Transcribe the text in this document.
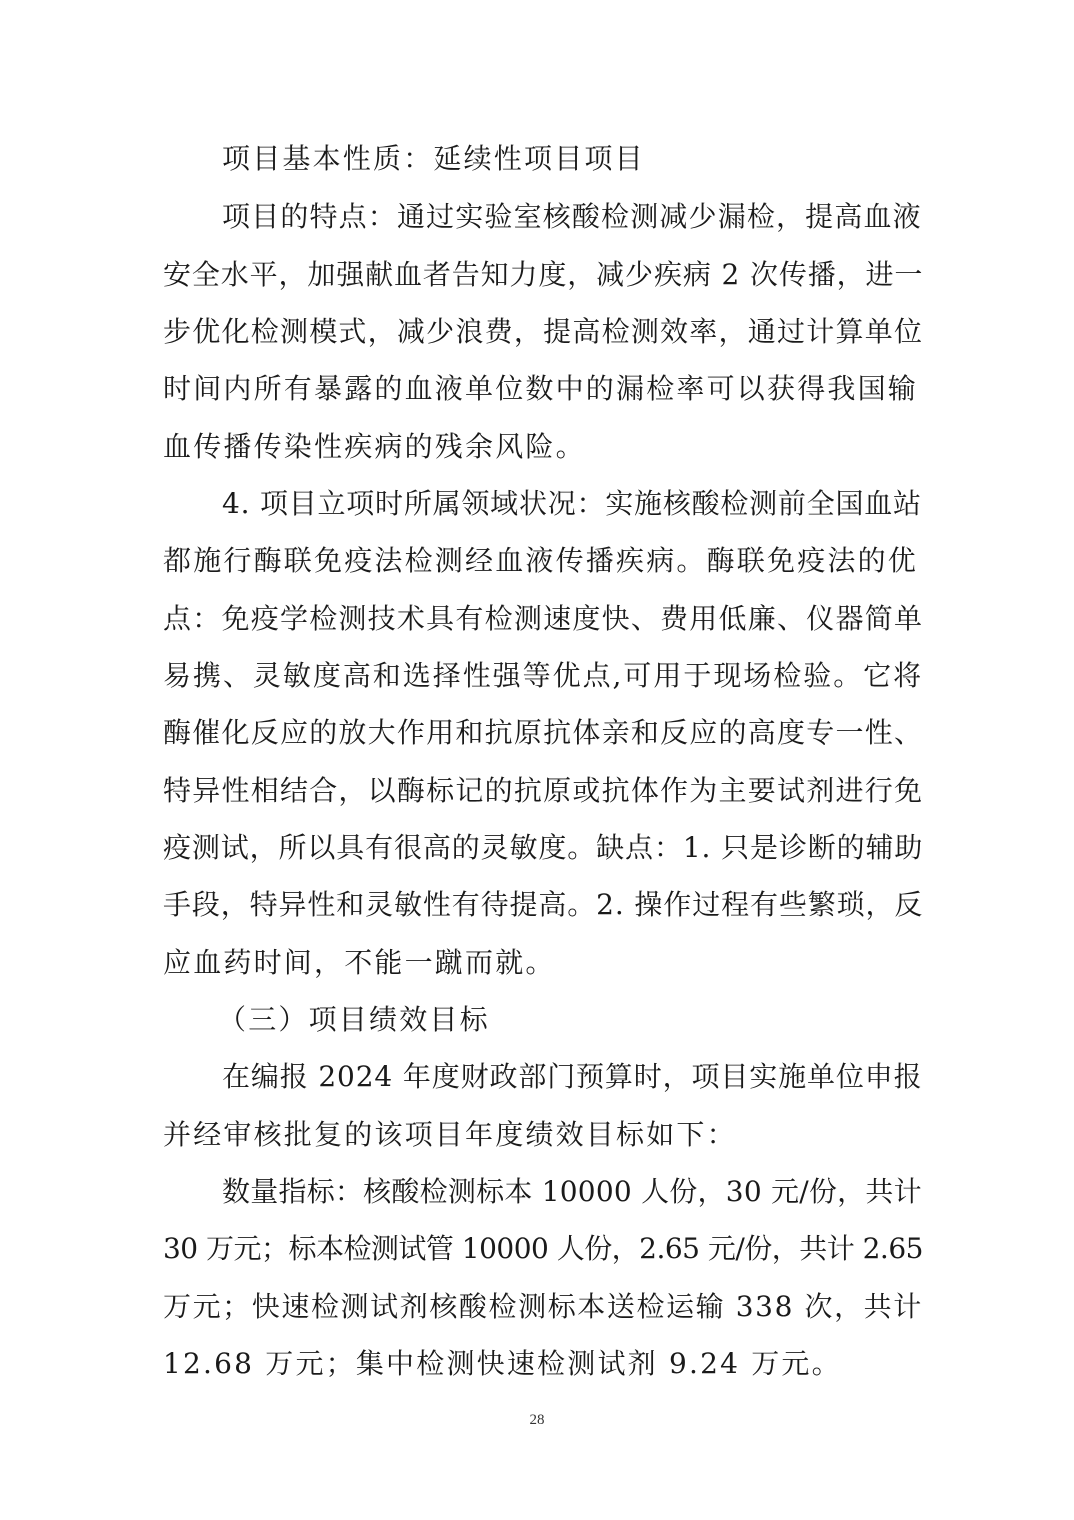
项目基本性质：延续性项目项目
项目的特点：通过实验室核酸检测减少漏检，提高血液
安全水平，加强献血者告知力度，减少疾病 2 次传播，进一
步优化检测模式，减少浪费，提高检测效率，通过计算单位
时间内所有暴露的血液单位数中的漏检率可以获得我国输
血传播传染性疾病的残余风险。
4. 项目立项时所属领域状况：实施核酸检测前全国血站
都施行酶联免疫法检测经血液传播疾病。酶联免疫法的优
点：免疫学检测技术具有检测速度快、费用低廉、仪器简单
易携、灵敏度高和选择性强等优点,可用于现场检验。它将
酶催化反应的放大作用和抗原抗体亲和反应的高度专一性、
特异性相结合，以酶标记的抗原或抗体作为主要试剂进行免
疫测试，所以具有很高的灵敏度。缺点：1. 只是诊断的辅助
手段，特异性和灵敏性有待提高。2. 操作过程有些繁琐，反
应血药时间，不能一蹴而就。
（三）项目绩效目标
在编报 2024 年度财政部门预算时，项目实施单位申报
并经审核批复的该项目年度绩效目标如下：
数量指标：核酸检测标本 10000 人份，30 元/份，共计
30 万元；标本检测试管 10000 人份，2.65 元/份，共计 2.65
万元；快速检测试剂核酸检测标本送检运输 338 次，共计
12.68 万元；集中检测快速检测试剂 9.24 万元。
28
